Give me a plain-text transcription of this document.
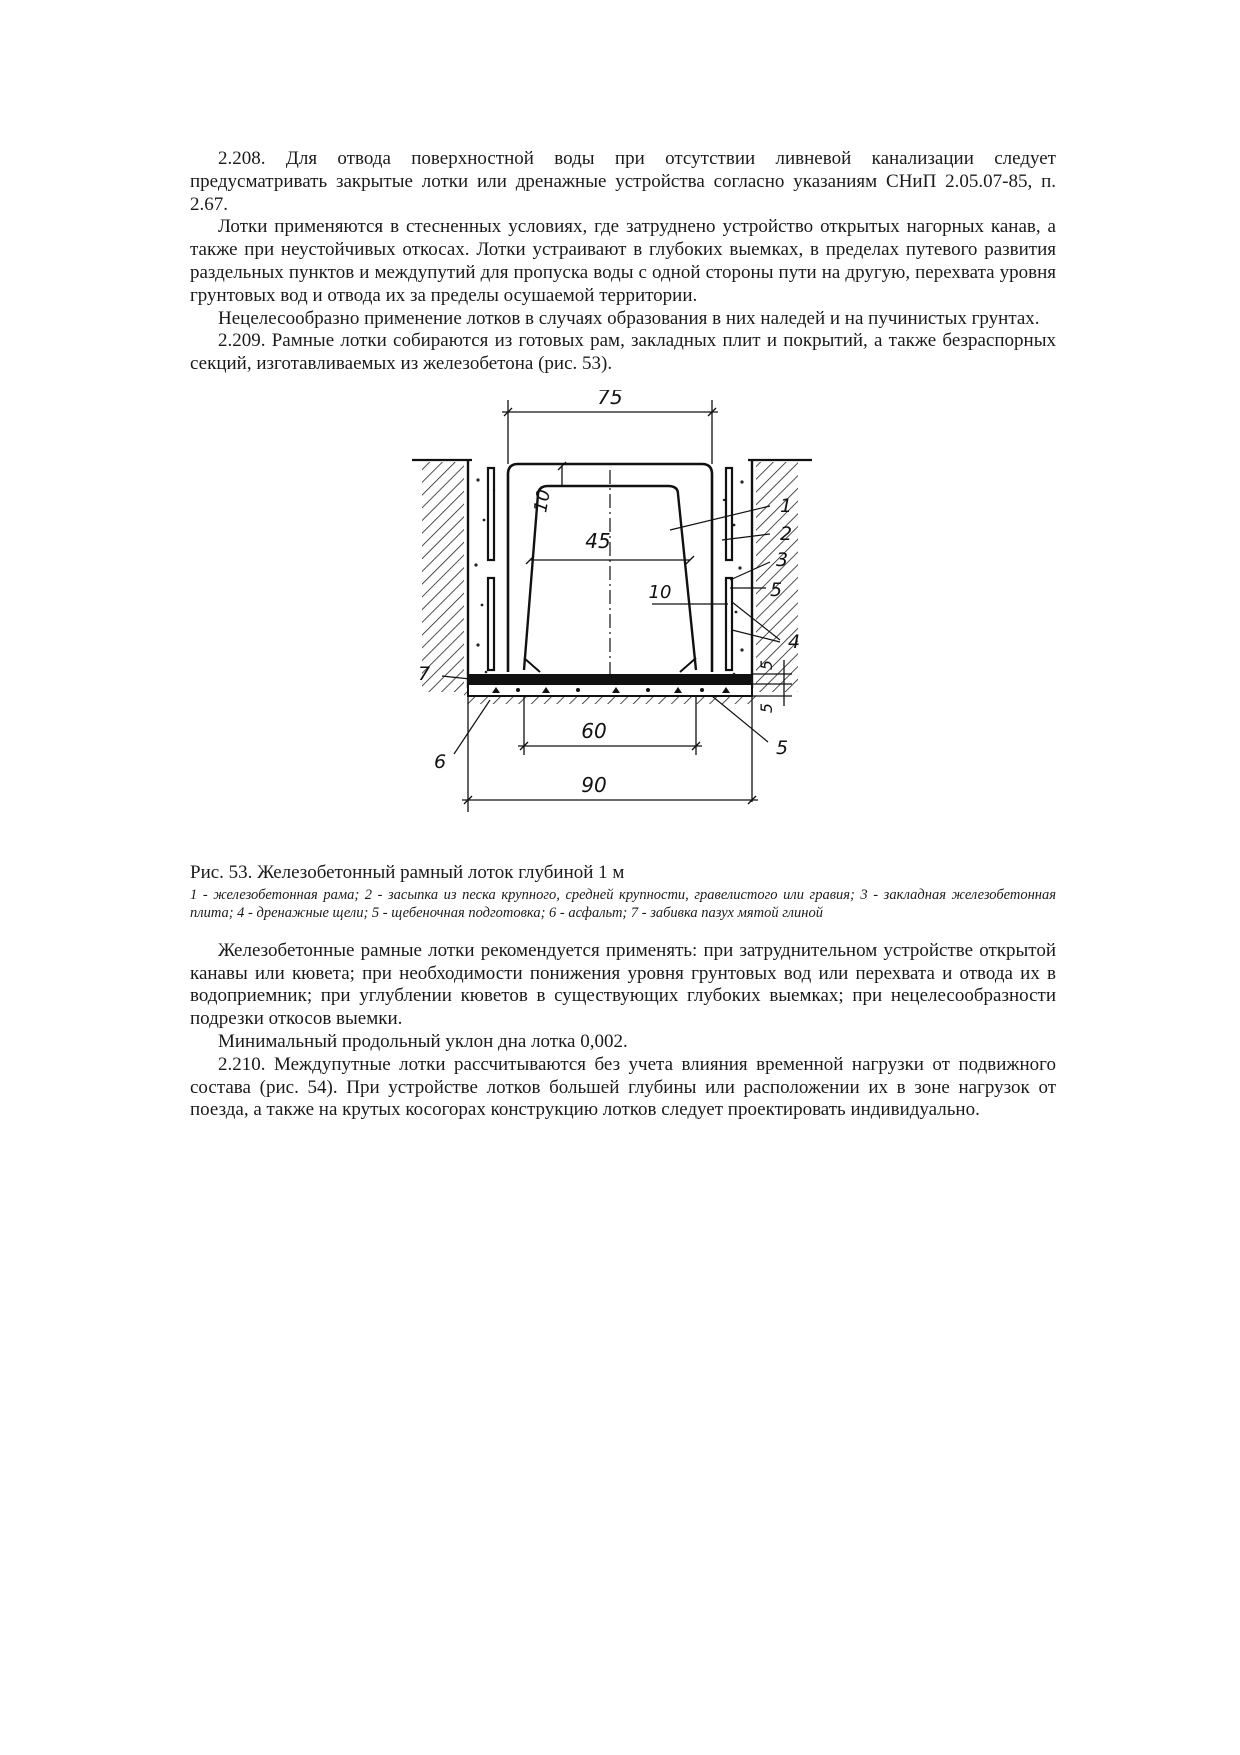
2.208. Для отвода поверхностной воды при отсутствии ливневой канализации следует предусматривать закрытые лотки или дренажные устройства согласно указаниям СНиП 2.05.07-85, п. 2.67.

Лотки применяются в стесненных условиях, где затруднено устройство открытых нагорных канав, а также при неустойчивых откосах. Лотки устраивают в глубоких выемках, в пределах путевого развития раздельных пунктов и междупутий для пропуска воды с одной стороны пути на другую, перехвата уровня грунтовых вод и отвода их за пределы осушаемой территории.

Нецелесообразно применение лотков в случаях образования в них наледей и на пучинистых грунтах.

2.209. Рамные лотки собираются из готовых рам, закладных плит и покрытий, а также безраспорных секций, изготавливаемых из железобетона (рис. 53).

75
45
10
10
5
5
60
90
1
2
3
5
4
7
6
5

Рис. 53. Железобетонный рамный лоток глубиной 1 м

1 - железобетонная рама; 2 - засыпка из песка крупного, средней крупности, гравелистого или гравия; 3 - закладная железобетонная плита; 4 - дренажные щели; 5 - щебеночная подготовка; 6 - асфальт; 7 - забивка пазух мятой глиной

Железобетонные рамные лотки рекомендуется применять: при затруднительном устройстве открытой канавы или кювета; при необходимости понижения уровня грунтовых вод или перехвата и отвода их в водоприемник; при углублении кюветов в существующих глубоких выемках; при нецелесообразности подрезки откосов выемки.

Минимальный продольный уклон дна лотка 0,002.

2.210. Междупутные лотки рассчитываются без учета влияния временной нагрузки от подвижного состава (рис. 54). При устройстве лотков большей глубины или расположении их в зоне нагрузок от поезда, а также на крутых косогорах конструкцию лотков следует проектировать индивидуально.
